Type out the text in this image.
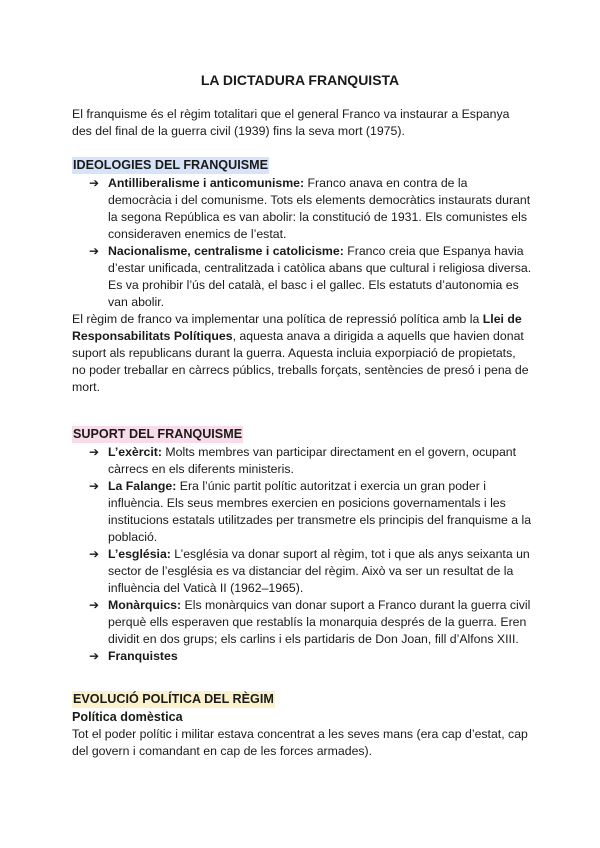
LA DICTADURA FRANQUISTA

El franquisme és el règim totalitari que el general Franco va instaurar a Espanya des del final de la guerra civil (1939) fins la seva mort (1975).

IDEOLOGIES DEL FRANQUISME
➔ Antilliberalisme i anticomunisme: Franco anava en contra de la democràcia i del comunisme. Tots els elements democràtics instaurats durant la segona República es van abolir: la constitució de 1931. Els comunistes els consideraven enemics de l’estat.
➔ Nacionalisme, centralisme i catolicisme: Franco creia que Espanya havia d’estar unificada, centralitzada i catòlica abans que cultural i religiosa diversa.
Es va prohibir l’ús del català, el basc i el gallec. Els estatuts d’autonomia es van abolir.

El règim de franco va implementar una política de repressió política amb la Llei de Responsabilitats Polítiques, aquesta anava a dirigida a aquells que havien donat suport als republicans durant la guerra. Aquesta incluia exporpiació de propietats, no poder treballar en càrrecs públics, treballs forçats, sentències de presó i pena de mort.

SUPORT DEL FRANQUISME
➔ L’exèrcit: Molts membres van participar directament en el govern, ocupant càrrecs en els diferents ministeris.
➔ La Falange: Era l’únic partit polític autoritzat i exercia un gran poder i influència. Els seus membres exercien en posicions governamentals i les institucions estatals utilitzades per transmetre els principis del franquisme a la població.
➔ L’església: L’església va donar suport al règim, tot i que als anys seixanta un sector de l’església es va distanciar del règim. Això va ser un resultat de la influència del Vaticà II (1962–1965).
➔ Monàrquics: Els monàrquics van donar suport a Franco durant la guerra civil perquè ells esperaven que restablís la monarquia després de la guerra. Eren dividit en dos grups; els carlins i els partidaris de Don Joan, fill d’Alfons XIII.
➔ Franquistes
EVOLUCIÓ POLÍTICA DEL RÈGIM
Política domèstica

Tot el poder polític i militar estava concentrat a les seves mans (era cap d’estat, cap del govern i comandant en cap de les forces armades).
